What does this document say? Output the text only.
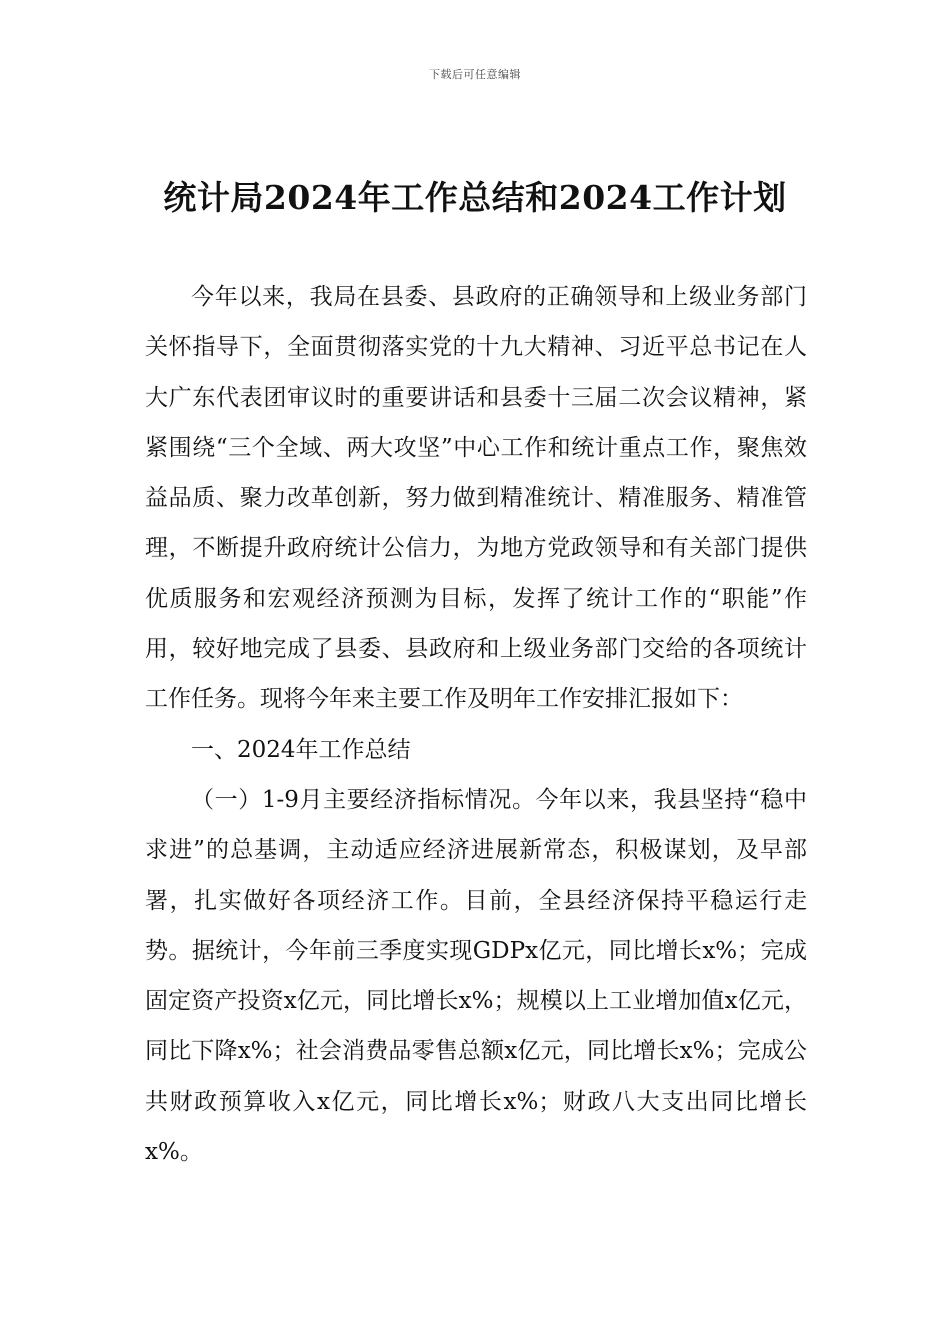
下载后可任意编辑
统计局2024年工作总结和2024工作计划

今年以来，我局在县委、县政府的正确领导和上级业务部门关怀指导下，全面贯彻落实党的十九大精神、习近平总书记在人大广东代表团审议时的重要讲话和县委十三届二次会议精神，紧紧围绕“三个全域、两大攻坚”中心工作和统计重点工作，聚焦效益品质、聚力改革创新，努力做到精准统计、精准服务、精准管理，不断提升政府统计公信力，为地方党政领导和有关部门提供优质服务和宏观经济预测为目标，发挥了统计工作的“职能”作用，较好地完成了县委、县政府和上级业务部门交给的各项统计工作任务。现将今年来主要工作及明年工作安排汇报如下：

一、2024年工作总结

（一）1-9月主要经济指标情况。今年以来，我县坚持“稳中求进”的总基调，主动适应经济进展新常态，积极谋划，及早部署，扎实做好各项经济工作。目前，全县经济保持平稳运行走势。据统计，今年前三季度实现GDPx亿元，同比增长x%；完成固定资产投资x亿元，同比增长x%；规模以上工业增加值x亿元，同比下降x%；社会消费品零售总额x亿元，同比增长x%；完成公共财政预算收入x亿元，同比增长x%；财政八大支出同比增长x%。
